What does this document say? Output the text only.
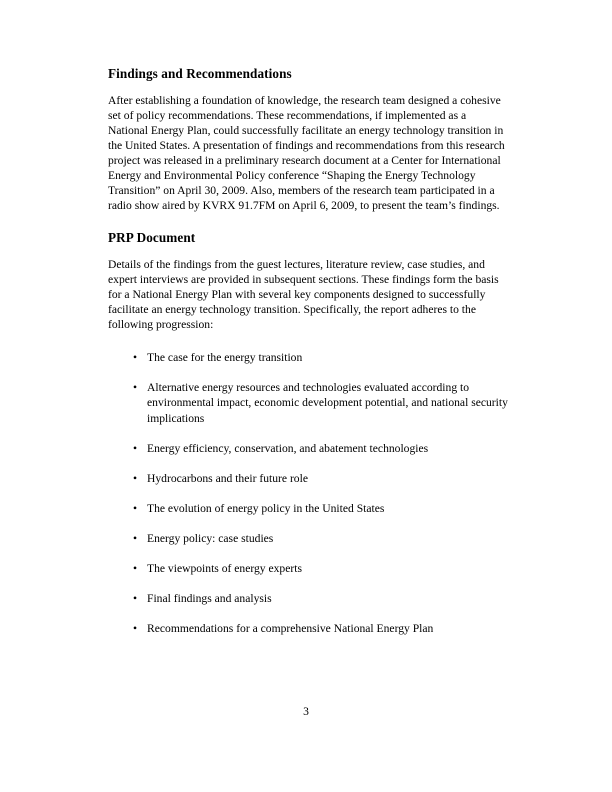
Findings and Recommendations

After establishing a foundation of knowledge, the research team designed a cohesive set of policy recommendations. These recommendations, if implemented as a National Energy Plan, could successfully facilitate an energy technology transition in the United States. A presentation of findings and recommendations from this research project was released in a preliminary research document at a Center for International Energy and Environmental Policy conference “Shaping the Energy Technology Transition” on April 30, 2009. Also, members of the research team participated in a radio show aired by KVRX 91.7FM on April 6, 2009, to present the team’s findings.

PRP Document

Details of the findings from the guest lectures, literature review, case studies, and expert interviews are provided in subsequent sections. These findings form the basis for a National Energy Plan with several key components designed to successfully facilitate an energy technology transition. Specifically, the report adheres to the following progression:

• The case for the energy transition
• Alternative energy resources and technologies evaluated according to environmental impact, economic development potential, and national security implications
• Energy efficiency, conservation, and abatement technologies
• Hydrocarbons and their future role
• The evolution of energy policy in the United States
• Energy policy: case studies
• The viewpoints of energy experts
• Final findings and analysis
• Recommendations for a comprehensive National Energy Plan
3
